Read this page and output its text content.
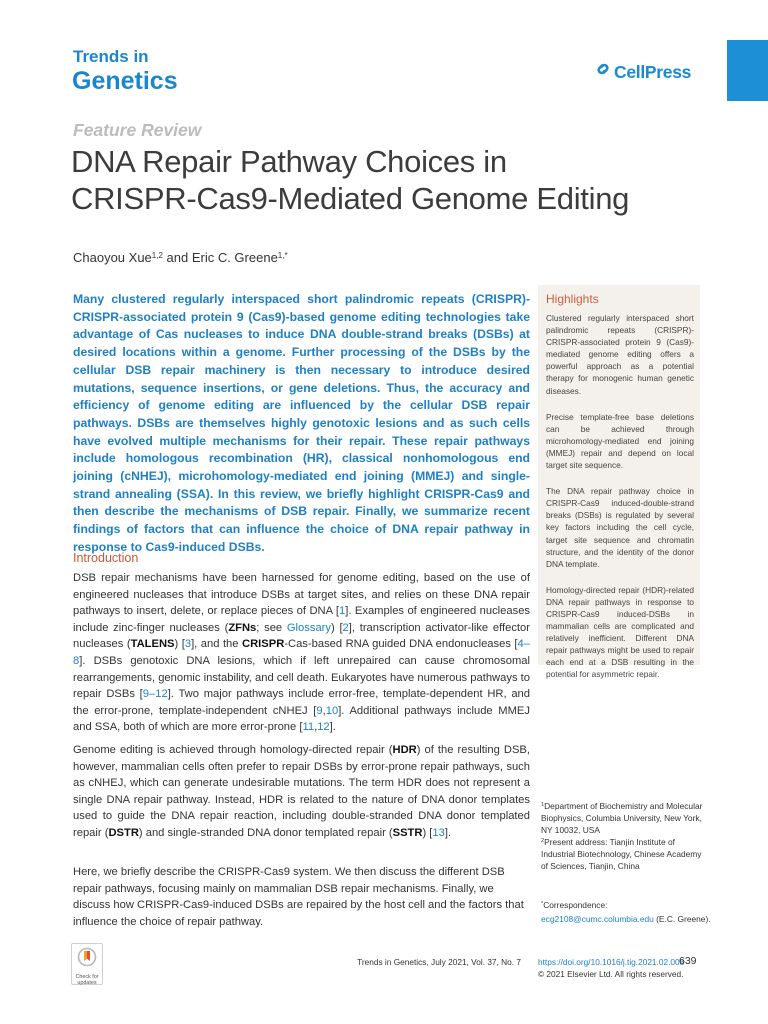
Trends in
Genetics	CellPress
Feature Review
DNA Repair Pathway Choices in
CRISPR-Cas9-Mediated Genome Editing
Chaoyou Xue$^{1,2}$ and Eric C. Greene$^{1,*}$
Many clustered regularly interspaced short palindromic repeats (CRISPR)-CRISPR-associated protein 9 (Cas9)-based genome editing technologies take advantage of Cas nucleases to induce DNA double-strand breaks (DSBs) at desired locations within a genome. Further processing of the DSBs by the cellular DSB repair machinery is then necessary to introduce desired mutations, sequence insertions, or gene deletions. Thus, the accuracy and efficiency of genome editing are influenced by the cellular DSB repair pathways. DSBs are themselves highly genotoxic lesions and as such cells have evolved multiple mechanisms for their repair. These repair pathways include homologous recombination (HR), classical nonhomologous end joining (cNHEJ), microhomology-mediated end joining (MMEJ) and single-strand annealing (SSA). In this review, we briefly highlight CRISPR-Cas9 and then describe the mechanisms of DSB repair. Finally, we summarize recent findings of factors that can influence the choice of DNA repair pathway in response to Cas9-induced DSBs.
Highlights

Clustered regularly interspaced short palindromic repeats (CRISPR)-CRISPR-associated protein 9 (Cas9)-mediated genome editing offers a powerful approach as a potential therapy for monogenic human genetic diseases.

Precise template-free base deletions can be achieved through microhomology-mediated end joining (MMEJ) repair and depend on local target site sequence.

The DNA repair pathway choice in CRISPR-Cas9 induced-double-strand breaks (DSBs) is regulated by several key factors including the cell cycle, target site sequence and chromatin structure, and the identity of the donor DNA template.

Homology-directed repair (HDR)-related DNA repair pathways in response to CRISPR-Cas9 induced-DSBs in mammalian cells are complicated and relatively inefficient. Different DNA repair pathways might be used to repair each end at a DSB resulting in the potential for asymmetric repair.

Introduction

DSB repair mechanisms have been harnessed for genome editing, based on the use of engineered nucleases that introduce DSBs at target sites, and relies on these DNA repair pathways to insert, delete, or replace pieces of DNA [1]. Examples of engineered nucleases include zinc-finger nucleases (ZFNs; see Glossary) [2], transcription activator-like effector nucleases (TALENS) [3], and the CRISPR-Cas-based RNA guided DNA endonucleases [4–8]. DSBs genotoxic DNA lesions, which if left unrepaired can cause chromosomal rearrangements, genomic instability, and cell death. Eukaryotes have numerous pathways to repair DSBs [9–12]. Two major pathways include error-free, template-dependent HR, and the error-prone, template-independent cNHEJ [9,10]. Additional pathways include MMEJ and SSA, both of which are more error-prone [11,12].

Genome editing is achieved through homology-directed repair (HDR) of the resulting DSB, however, mammalian cells often prefer to repair DSBs by error-prone repair pathways, such as cNHEJ, which can generate undesirable mutations. The term HDR does not represent a single DNA repair pathway. Instead, HDR is related to the nature of DNA donor templates used to guide the DNA repair reaction, including double-stranded DNA donor templated repair (DSTR) and single-stranded DNA donor templated repair (SSTR) [13].

Here, we briefly describe the CRISPR-Cas9 system. We then discuss the different DSB repair pathways, focusing mainly on mammalian DSB repair mechanisms. Finally, we discuss how CRISPR-Cas9-induced DSBs are repaired by the host cell and the factors that influence the choice of repair pathway.

$^1$Department of Biochemistry and Molecular Biophysics, Columbia University, New York, NY 10032, USA
$^2$Present address: Tianjin Institute of Industrial Biotechnology, Chinese Academy of Sciences, Tianjin, China
*Correspondence:
ecg2108@cumc.columbia.edu (E.C. Greene).
Trends in Genetics, July 2021, Vol. 37, No. 7 https://doi.org/10.1016/j.tig.2021.02.008
639
© 2021 Elsevier Ltd. All rights reserved.
Check for
updates
